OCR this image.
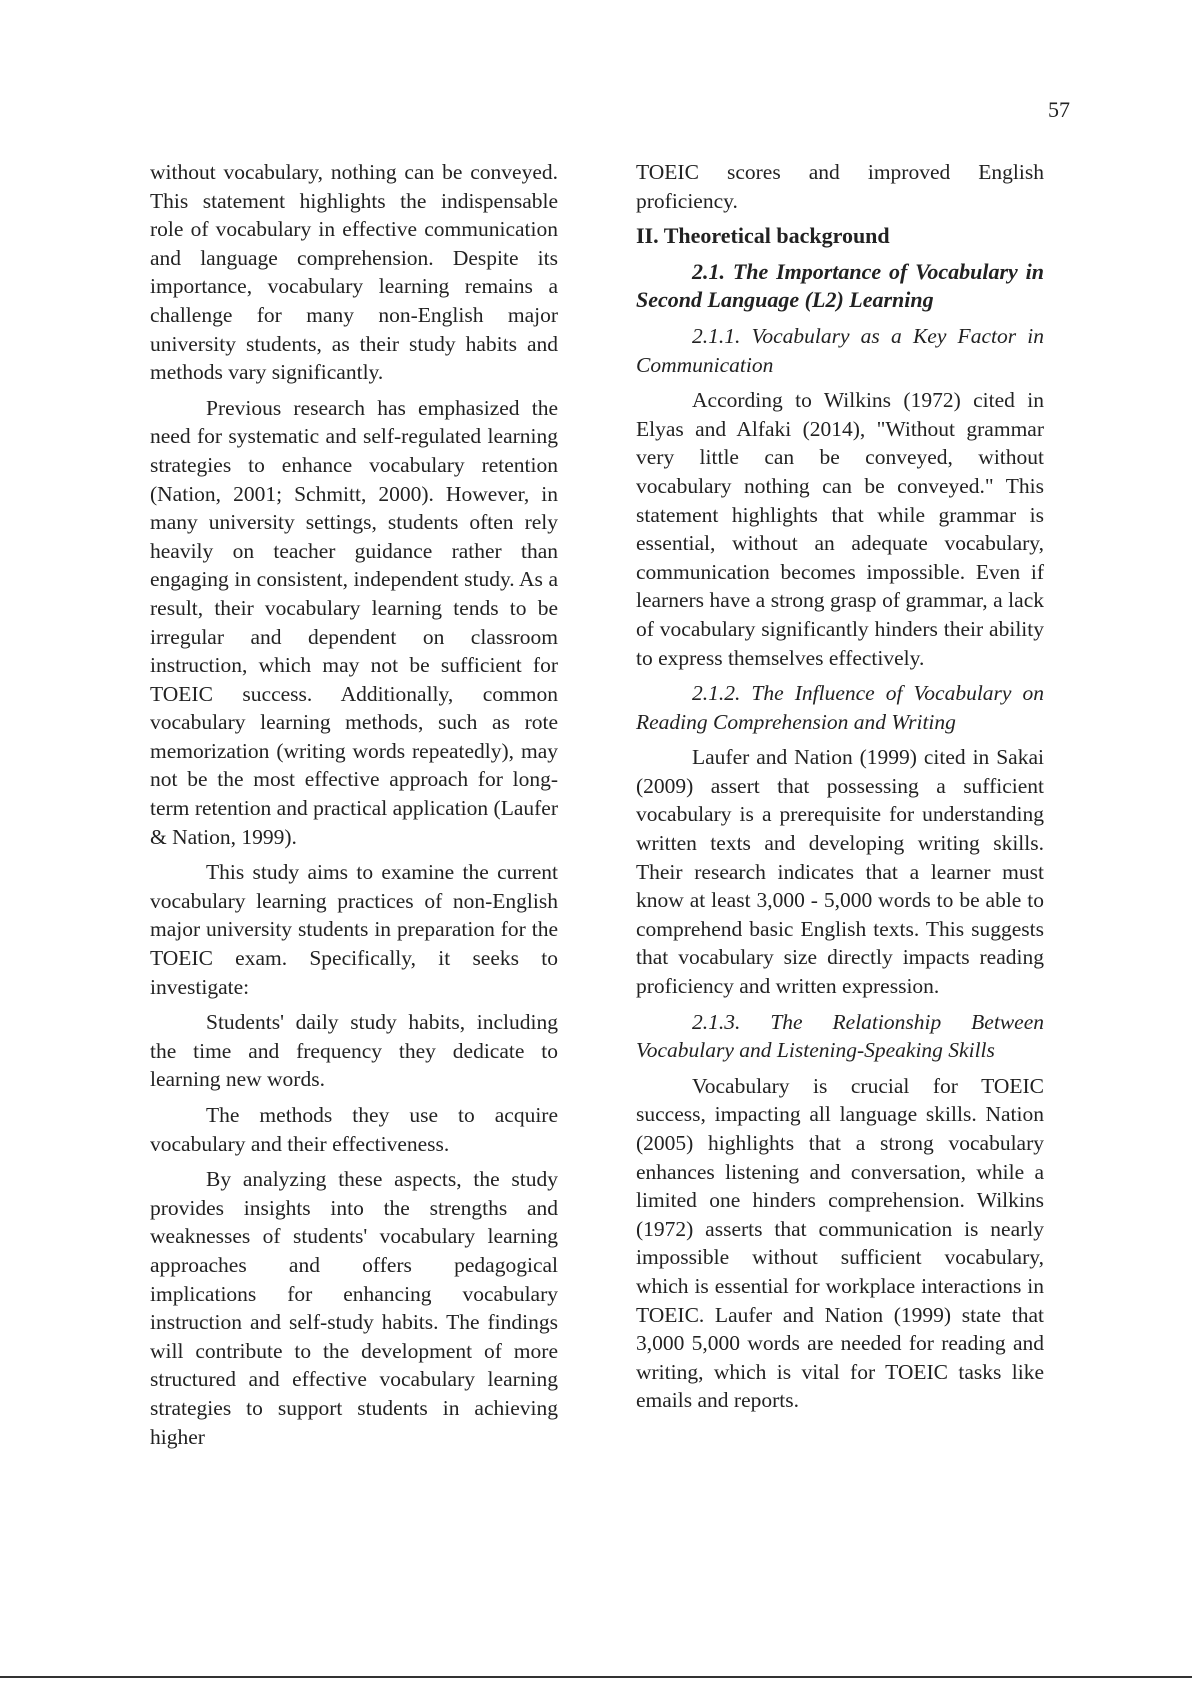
57

without vocabulary, nothing can be conveyed. This statement highlights the indispensable role of vocabulary in effective communication and language comprehension. Despite its importance, vocabulary learning remains a challenge for many non-English major university students, as their study habits and methods vary significantly.

Previous research has emphasized the need for systematic and self-regulated learning strategies to enhance vocabulary retention (Nation, 2001; Schmitt, 2000). However, in many university settings, students often rely heavily on teacher guidance rather than engaging in consistent, independent study. As a result, their vocabulary learning tends to be irregular and dependent on classroom instruction, which may not be sufficient for TOEIC success. Additionally, common vocabulary learning methods, such as rote memorization (writing words repeatedly), may not be the most effective approach for long-term retention and practical application (Laufer & Nation, 1999).

This study aims to examine the current vocabulary learning practices of non-English major university students in preparation for the TOEIC exam. Specifically, it seeks to investigate:

Students' daily study habits, including the time and frequency they dedicate to learning new words.

The methods they use to acquire vocabulary and their effectiveness.

By analyzing these aspects, the study provides insights into the strengths and weaknesses of students' vocabulary learning approaches and offers pedagogical implications for enhancing vocabulary instruction and self-study habits. The findings will contribute to the development of more structured and effective vocabulary learning strategies to support students in achieving higher

TOEIC scores and improved English proficiency.

II. Theoretical background

2.1. The Importance of Vocabulary in Second Language (L2) Learning

2.1.1. Vocabulary as a Key Factor in Communication

According to Wilkins (1972) cited in Elyas and Alfaki (2014), "Without grammar very little can be conveyed, without vocabulary nothing can be conveyed." This statement highlights that while grammar is essential, without an adequate vocabulary, communication becomes impossible. Even if learners have a strong grasp of grammar, a lack of vocabulary significantly hinders their ability to express themselves effectively.

2.1.2. The Influence of Vocabulary on Reading Comprehension and Writing

Laufer and Nation (1999) cited in Sakai (2009) assert that possessing a sufficient vocabulary is a prerequisite for understanding written texts and developing writing skills. Their research indicates that a learner must know at least 3,000 - 5,000 words to be able to comprehend basic English texts. This suggests that vocabulary size directly impacts reading proficiency and written expression.

2.1.3. The Relationship Between Vocabulary and Listening-Speaking Skills

Vocabulary is crucial for TOEIC success, impacting all language skills. Nation (2005) highlights that a strong vocabulary enhances listening and conversation, while a limited one hinders comprehension. Wilkins (1972) asserts that communication is nearly impossible without sufficient vocabulary, which is essential for workplace interactions in TOEIC. Laufer and Nation (1999) state that 3,000 5,000 words are needed for reading and writing, which is vital for TOEIC tasks like emails and reports.
